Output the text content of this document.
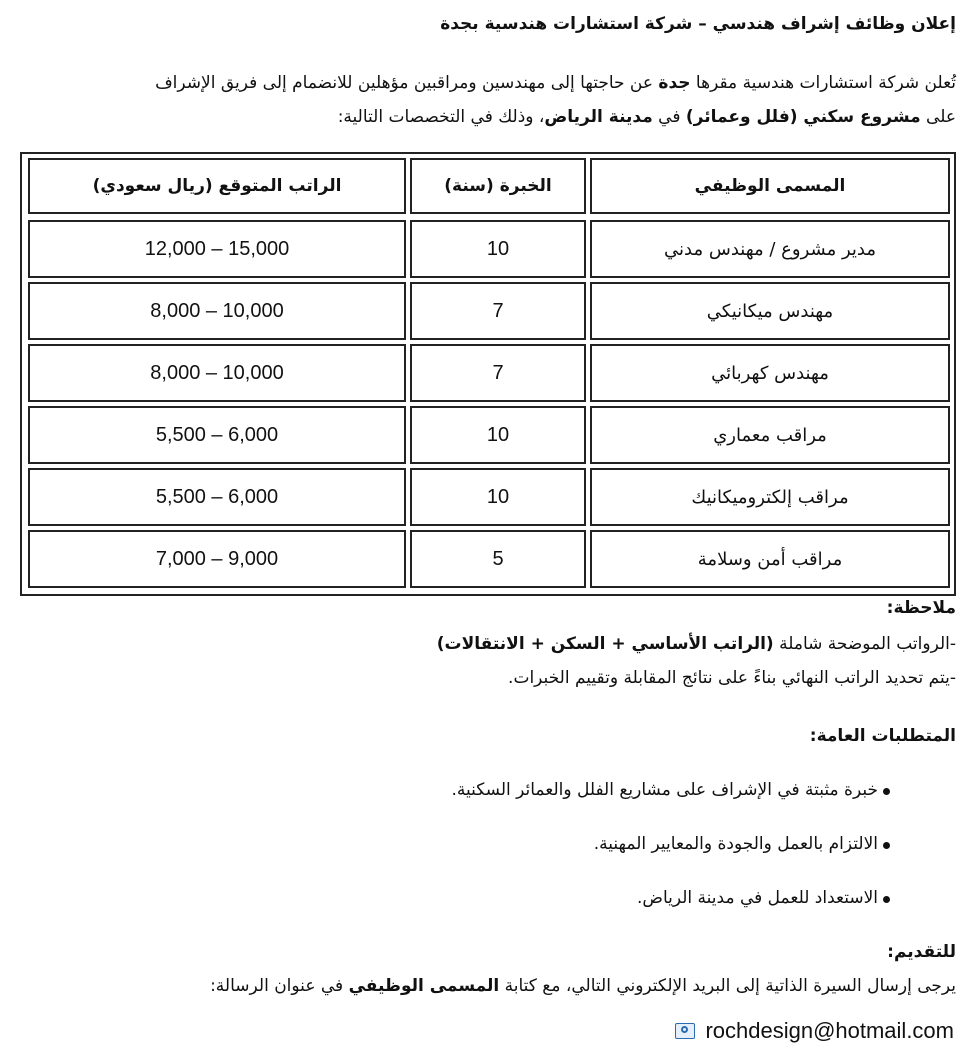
إعلان وظائف إشراف هندسي – شركة استشارات هندسية بجدة
تُعلن شركة استشارات هندسية مقرها جدة عن حاجتها إلى مهندسين ومراقبين مؤهلين للانضمام إلى فريق الإشراف
على مشروع سكني (فلل وعمائر) في مدينة الرياض، وذلك في التخصصات التالية:
المسمى الوظيفي
الخبرة (سنة)
الراتب المتوقع (ريال سعودي)
مدير مشروع / مهندس مدني
10
12,000 – 15,000
مهندس ميكانيكي
7
8,000 – 10,000
مهندس كهربائي
7
8,000 – 10,000
مراقب معماري
10
5,500 – 6,000
مراقب إلكتروميكانيك
10
5,500 – 6,000
مراقب أمن وسلامة
5
7,000 – 9,000
ملاحظة:
-الرواتب الموضحة شاملة (الراتب الأساسي + السكن + الانتقالات)
-يتم تحديد الراتب النهائي بناءً على نتائج المقابلة وتقييم الخبرات.
المتطلبات العامة:
خبرة مثبتة في الإشراف على مشاريع الفلل والعمائر السكنية.
الالتزام بالعمل والجودة والمعايير المهنية.
الاستعداد للعمل في مدينة الرياض.
للتقديم:
يرجى إرسال السيرة الذاتية إلى البريد الإلكتروني التالي، مع كتابة المسمى الوظيفي في عنوان الرسالة:
rochdesign@hotmail.com
